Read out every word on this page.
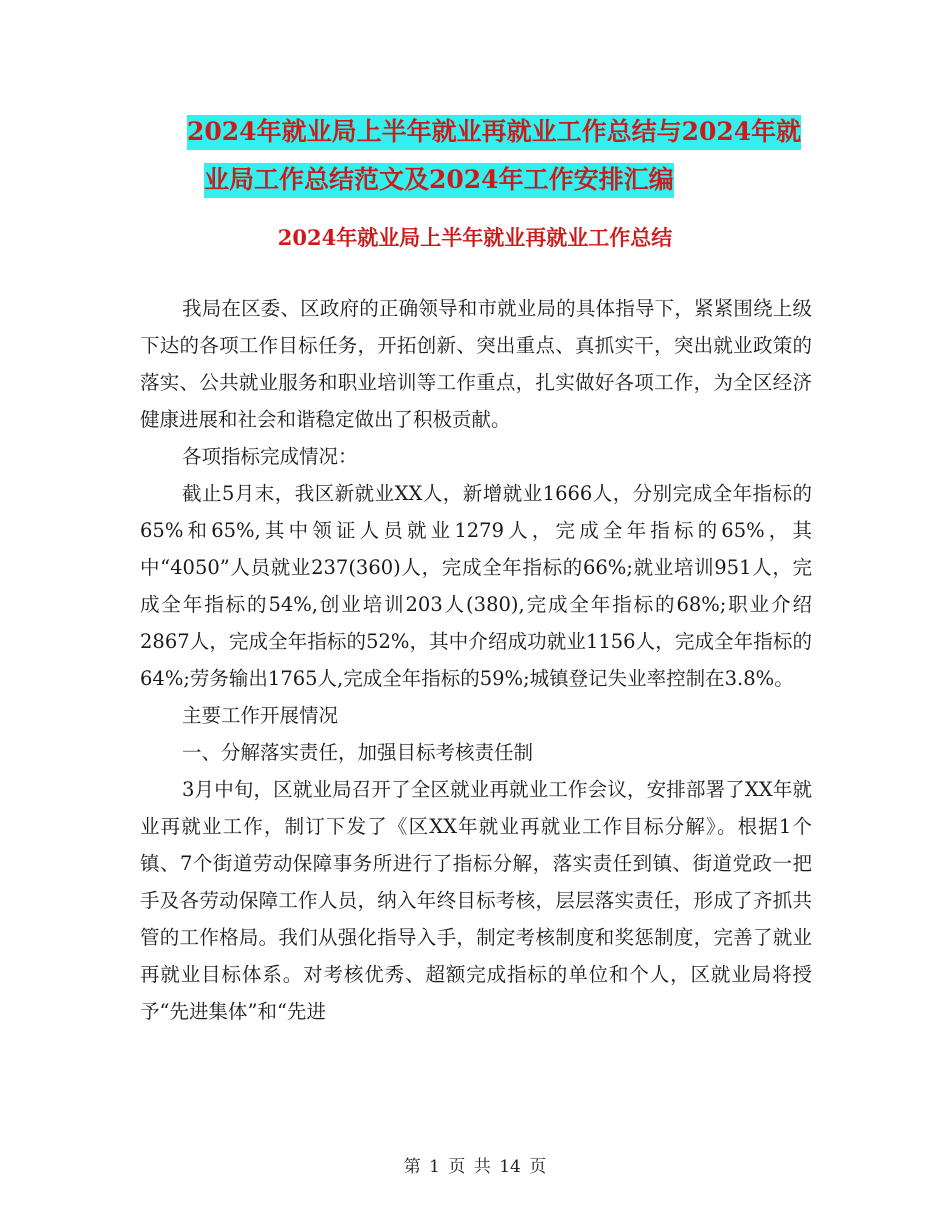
2024年就业局上半年就业再就业工作总结与2024年就
业局工作总结范文及2024年工作安排汇编
2024年就业局上半年就业再就业工作总结

我局在区委、区政府的正确领导和市就业局的具体指导下，紧紧围绕上级下达的各项工作目标任务，开拓创新、突出重点、真抓实干，突出就业政策的落实、公共就业服务和职业培训等工作重点，扎实做好各项工作，为全区经济健康进展和社会和谐稳定做出了积极贡献。

各项指标完成情况：

截止5月末，我区新就业XX人，新增就业1666人，分别完成全年指标的65%和65%,其中领证人员就业1279人，完成全年指标的65%，其中“4050”人员就业237(360)人，完成全年指标的66%;就业培训951人，完成全年指标的54%,创业培训203人(380),完成全年指标的68%;职业介绍2867人，完成全年指标的52%，其中介绍成功就业1156人，完成全年指标的64%;劳务输出1765人,完成全年指标的59%;城镇登记失业率控制在3.8%。

主要工作开展情况

一、分解落实责任，加强目标考核责任制

3月中旬，区就业局召开了全区就业再就业工作会议，安排部署了XX年就业再就业工作，制订下发了《区XX年就业再就业工作目标分解》。根据1个镇、7个街道劳动保障事务所进行了指标分解，落实责任到镇、街道党政一把手及各劳动保障工作人员，纳入年终目标考核，层层落实责任，形成了齐抓共管的工作格局。我们从强化指导入手，制定考核制度和奖惩制度，完善了就业再就业目标体系。对考核优秀、超额完成指标的单位和个人，区就业局将授予“先进集体”和“先进

第 1 页 共 14 页
